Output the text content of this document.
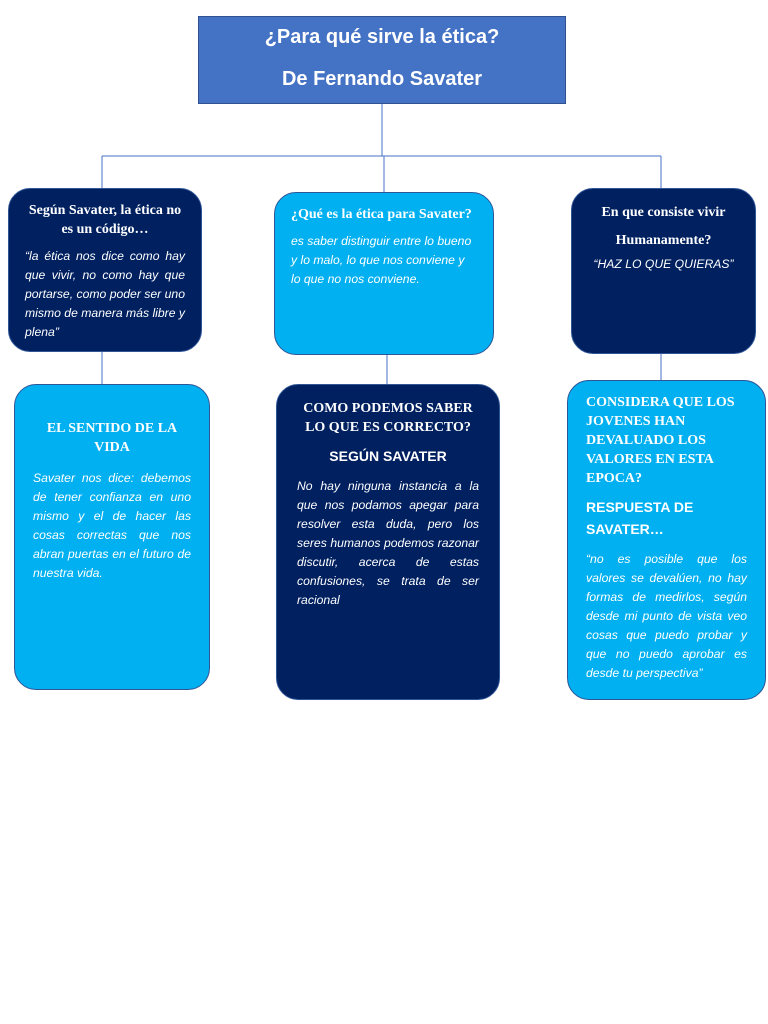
¿Para qué sirve la ética?
De Fernando Savater
Según Savater, la ética no es un código…
“la ética nos dice como hay que vivir, no como hay que portarse, como poder ser uno mismo de manera más libre y plena”
¿Qué es la ética para Savater?
es saber distinguir entre lo bueno y lo malo, lo que nos conviene y lo que no nos conviene.
En que consiste vivir
Humanamente?
“HAZ LO QUE QUIERAS”
EL SENTIDO DE LA VIDA
Savater nos dice: debemos de tener confianza en uno mismo y el de hacer las cosas correctas que nos abran puertas en el futuro de nuestra vida.
COMO PODEMOS SABER LO QUE ES CORRECTO?
SEGÚN SAVATER
No hay ninguna instancia a la que nos podamos apegar para resolver esta duda, pero los seres humanos podemos razonar discutir, acerca de estas confusiones, se trata de ser racional
CONSIDERA QUE LOS JOVENES HAN DEVALUADO LOS VALORES EN ESTA EPOCA?
RESPUESTA DE SAVATER…
“no es posible que los valores se devalúen, no hay formas de medirlos, según desde mi punto de vista veo cosas que puedo probar y que no puedo aprobar es desde tu perspectiva”
